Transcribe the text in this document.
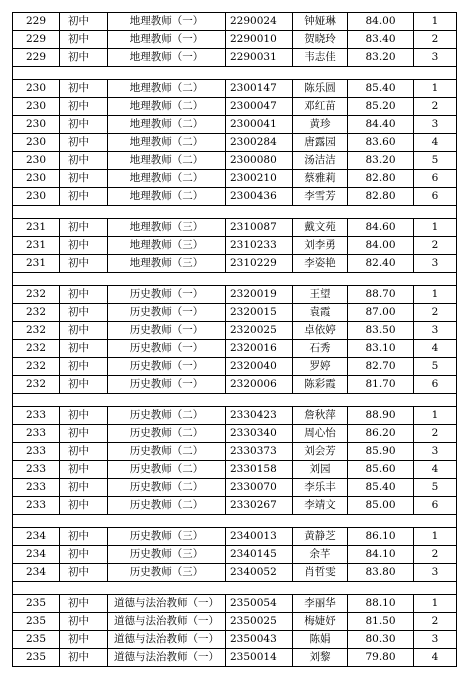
229	初中	地理教师（一）	2290024	钟娅琳	84.00	1
229	初中	地理教师（一）	2290010	贺晓玲	83.40	2
229	初中	地理教师（一）	2290031	韦志佳	83.20	3

230	初中	地理教师（二）	2300147	陈乐圆	85.40	1
230	初中	地理教师（二）	2300047	邓红苗	85.20	2
230	初中	地理教师（二）	2300041	黄珍	84.40	3
230	初中	地理教师（二）	2300284	唐露园	83.60	4
230	初中	地理教师（二）	2300080	汤洁洁	83.20	5
230	初中	地理教师（二）	2300210	蔡雅莉	82.80	6
230	初中	地理教师（二）	2300436	李雪芳	82.80	6

231	初中	地理教师（三）	2310087	戴文苑	84.60	1
231	初中	地理教师（三）	2310233	刘李勇	84.00	2
231	初中	地理教师（三）	2310229	李姿艳	82.40	3

232	初中	历史教师（一）	2320019	王望	88.70	1
232	初中	历史教师（一）	2320015	袁霞	87.00	2
232	初中	历史教师（一）	2320025	卓依婷	83.50	3
232	初中	历史教师（一）	2320016	石秀	83.10	4
232	初中	历史教师（一）	2320040	罗婷	82.70	5
232	初中	历史教师（一）	2320006	陈彩霞	81.70	6

233	初中	历史教师（二）	2330423	詹秋萍	88.90	1
233	初中	历史教师（二）	2330340	周心怡	86.20	2
233	初中	历史教师（二）	2330373	刘会芳	85.90	3
233	初中	历史教师（二）	2330158	刘园	85.60	4
233	初中	历史教师（二）	2330070	李乐丰	85.40	5
233	初中	历史教师（二）	2330267	李靖文	85.00	6

234	初中	历史教师（三）	2340013	黄静芝	86.10	1
234	初中	历史教师（三）	2340145	余芊	84.10	2
234	初中	历史教师（三）	2340052	肖哲雯	83.80	3

235	初中	道德与法治教师（一）	2350054	李丽华	88.10	1
235	初中	道德与法治教师（一）	2350025	梅婕妤	81.50	2
235	初中	道德与法治教师（一）	2350043	陈娟	80.30	3
235	初中	道德与法治教师（一）	2350014	刘黎	79.80	4
